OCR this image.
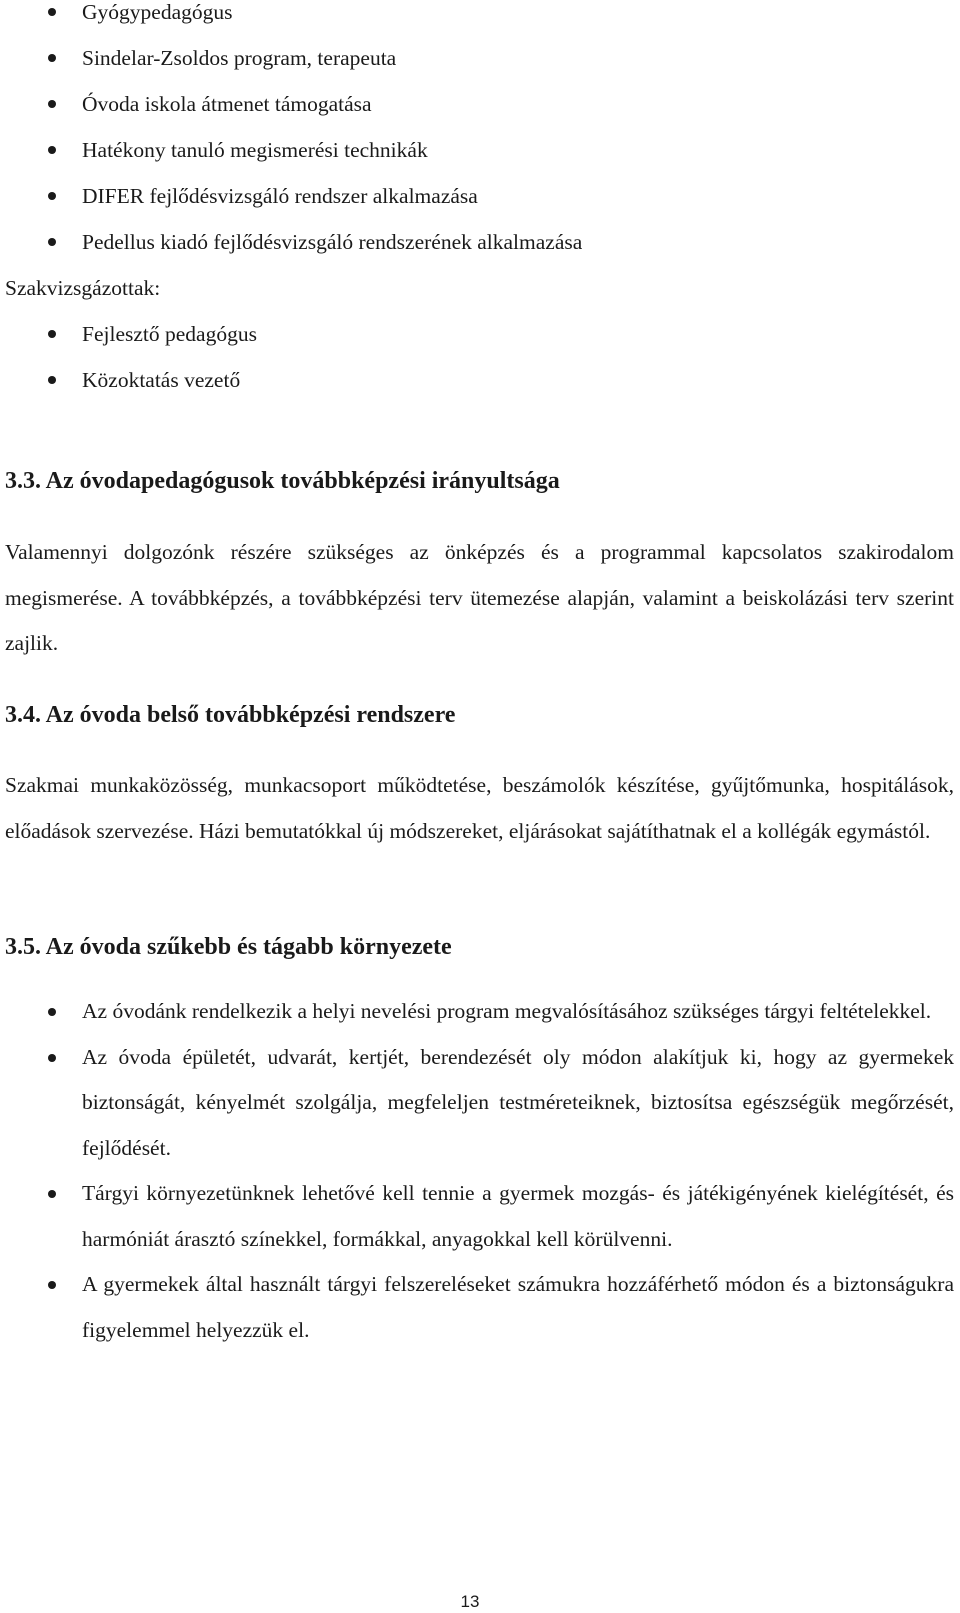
Gyógypedagógus
Sindelar-Zsoldos program, terapeuta
Óvoda iskola átmenet támogatása
Hatékony tanuló megismerési technikák
DIFER fejlődésvizsgáló rendszer alkalmazása
Pedellus kiadó fejlődésvizsgáló rendszerének alkalmazása
Szakvizsgázottak:
Fejlesztő pedagógus
Közoktatás vezető
3.3. Az óvodapedagógusok továbbképzési irányultsága

Valamennyi dolgozónk részére szükséges az önképzés és a programmal kapcsolatos szakirodalom megismerése. A továbbképzés, a továbbképzési terv ütemezése alapján, valamint a beiskolázási terv szerint zajlik.

3.4. Az óvoda belső továbbképzési rendszere

Szakmai munkaközösség, munkacsoport működtetése, beszámolók készítése, gyűjtőmunka, hospitálások, előadások szervezése. Házi bemutatókkal új módszereket, eljárásokat sajátíthatnak el a kollégák egymástól.

3.5. Az óvoda szűkebb és tágabb környezete
Az óvodánk rendelkezik a helyi nevelési program megvalósításához szükséges tárgyi feltételekkel.
Az óvoda épületét, udvarát, kertjét, berendezését oly módon alakítjuk ki, hogy az gyermekek biztonságát, kényelmét szolgálja, megfeleljen testméreteiknek, biztosítsa egészségük megőrzését, fejlődését.
Tárgyi környezetünknek lehetővé kell tennie a gyermek mozgás- és játékigényének kielégítését, és harmóniát árasztó színekkel, formákkal, anyagokkal kell körülvenni.
A gyermekek által használt tárgyi felszereléseket számukra hozzáférhető módon és a biztonságukra figyelemmel helyezzük el.
13
